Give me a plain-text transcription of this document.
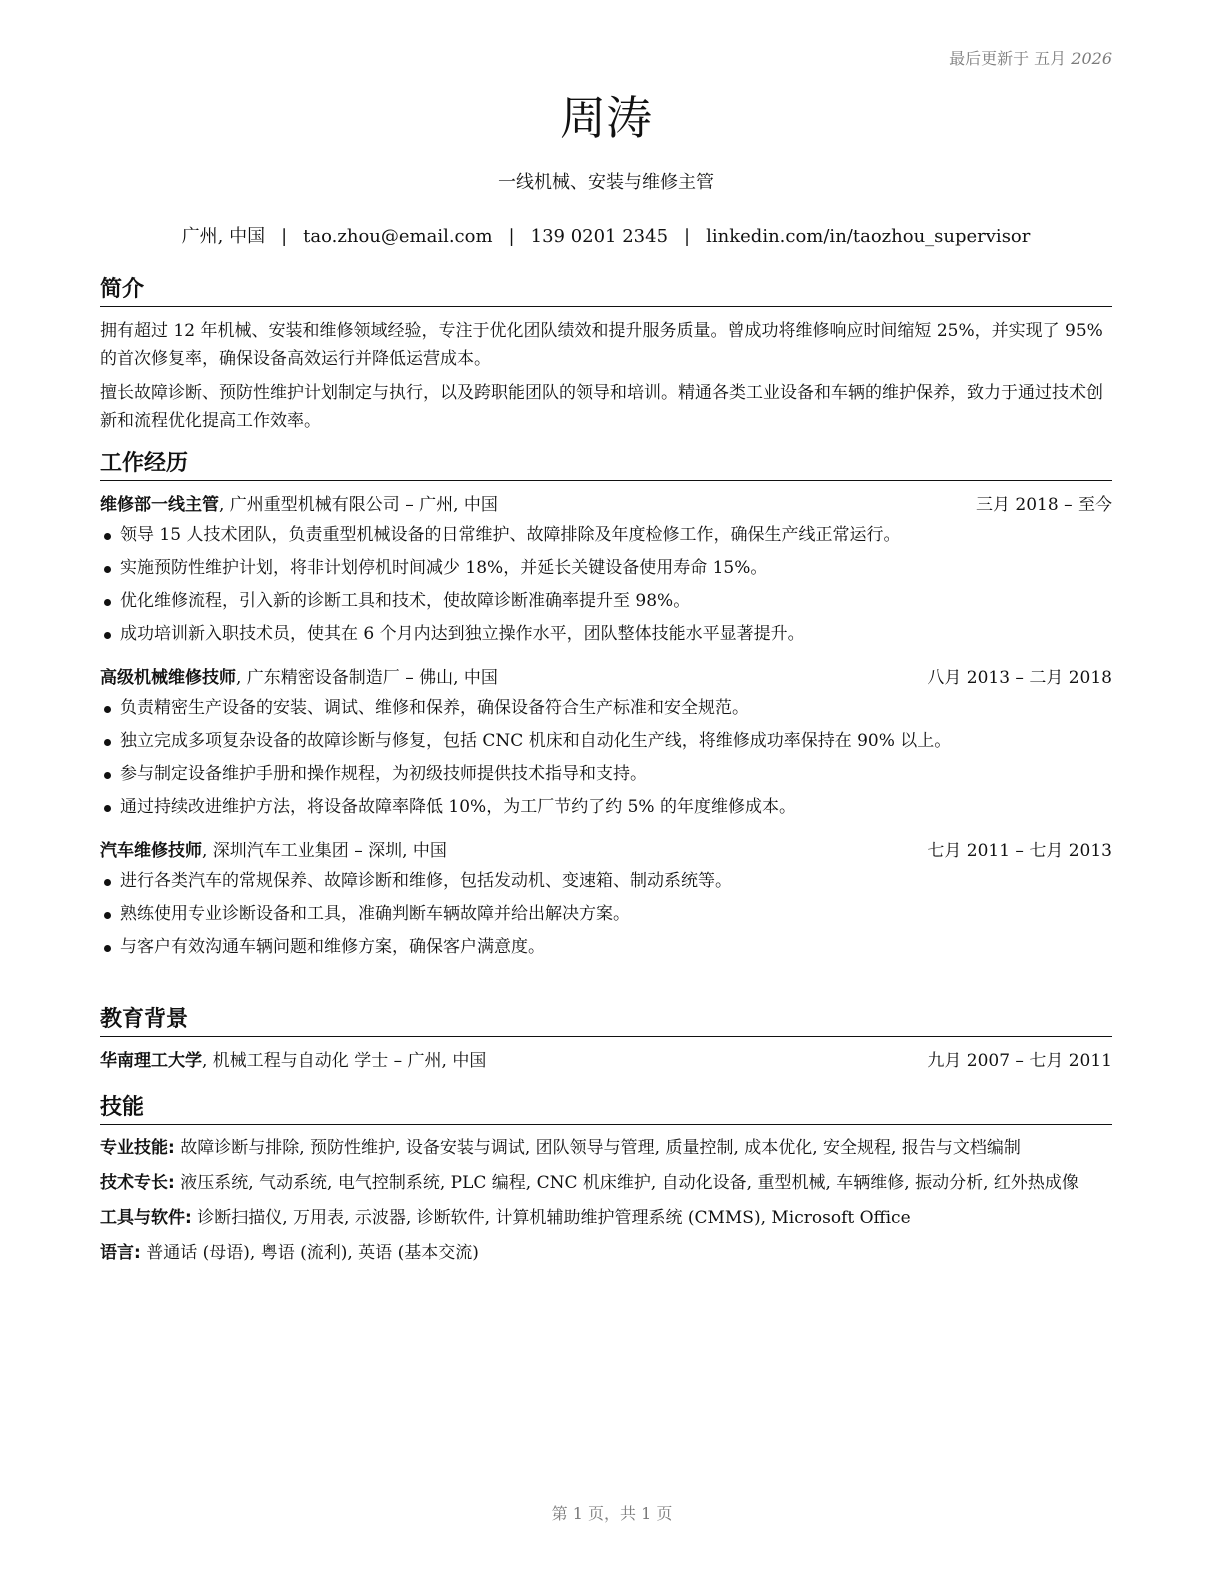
最后更新于 五月 2026
周涛
一线机械、安装与维修主管
广州, 中国 | tao.zhou@email.com | 139 0201 2345 | linkedin.com/in/taozhou_supervisor
简介

拥有超过 12 年机械、安装和维修领域经验，专注于优化团队绩效和提升服务质量。曾成功将维修响应时间缩短 25%，并实现了 95% 的首次修复率，确保设备高效运行并降低运营成本。

擅长故障诊断、预防性维护计划制定与执行，以及跨职能团队的领导和培训。精通各类工业设备和车辆的维护保养，致力于通过技术创新和流程优化提高工作效率。

工作经历
维修部一线主管, 广州重型机械有限公司 – 广州, 中国	三月 2018 – 至今
领导 15 人技术团队，负责重型机械设备的日常维护、故障排除及年度检修工作，确保生产线正常运行。
实施预防性维护计划，将非计划停机时间减少 18%，并延长关键设备使用寿命 15%。
优化维修流程，引入新的诊断工具和技术，使故障诊断准确率提升至 98%。
成功培训新入职技术员，使其在 6 个月内达到独立操作水平，团队整体技能水平显著提升。
高级机械维修技师, 广东精密设备制造厂 – 佛山, 中国	八月 2013 – 二月 2018
负责精密生产设备的安装、调试、维修和保养，确保设备符合生产标准和安全规范。
独立完成多项复杂设备的故障诊断与修复，包括 CNC 机床和自动化生产线，将维修成功率保持在 90% 以上。
参与制定设备维护手册和操作规程，为初级技师提供技术指导和支持。
通过持续改进维护方法，将设备故障率降低 10%，为工厂节约了约 5% 的年度维修成本。
汽车维修技师, 深圳汽车工业集团 – 深圳, 中国	七月 2011 – 七月 2013
进行各类汽车的常规保养、故障诊断和维修，包括发动机、变速箱、制动系统等。
熟练使用专业诊断设备和工具，准确判断车辆故障并给出解决方案。
与客户有效沟通车辆问题和维修方案，确保客户满意度。
教育背景
华南理工大学, 机械工程与自动化 学士 – 广州, 中国	九月 2007 – 七月 2011
技能
专业技能: 故障诊断与排除, 预防性维护, 设备安装与调试, 团队领导与管理, 质量控制, 成本优化, 安全规程, 报告与文档编制
技术专长: 液压系统, 气动系统, 电气控制系统, PLC 编程, CNC 机床维护, 自动化设备, 重型机械, 车辆维修, 振动分析, 红外热成像
工具与软件: 诊断扫描仪, 万用表, 示波器, 诊断软件, 计算机辅助维护管理系统 (CMMS), Microsoft Office
语言: 普通话 (母语), 粤语 (流利), 英语 (基本交流)
第 1 页，共 1 页
